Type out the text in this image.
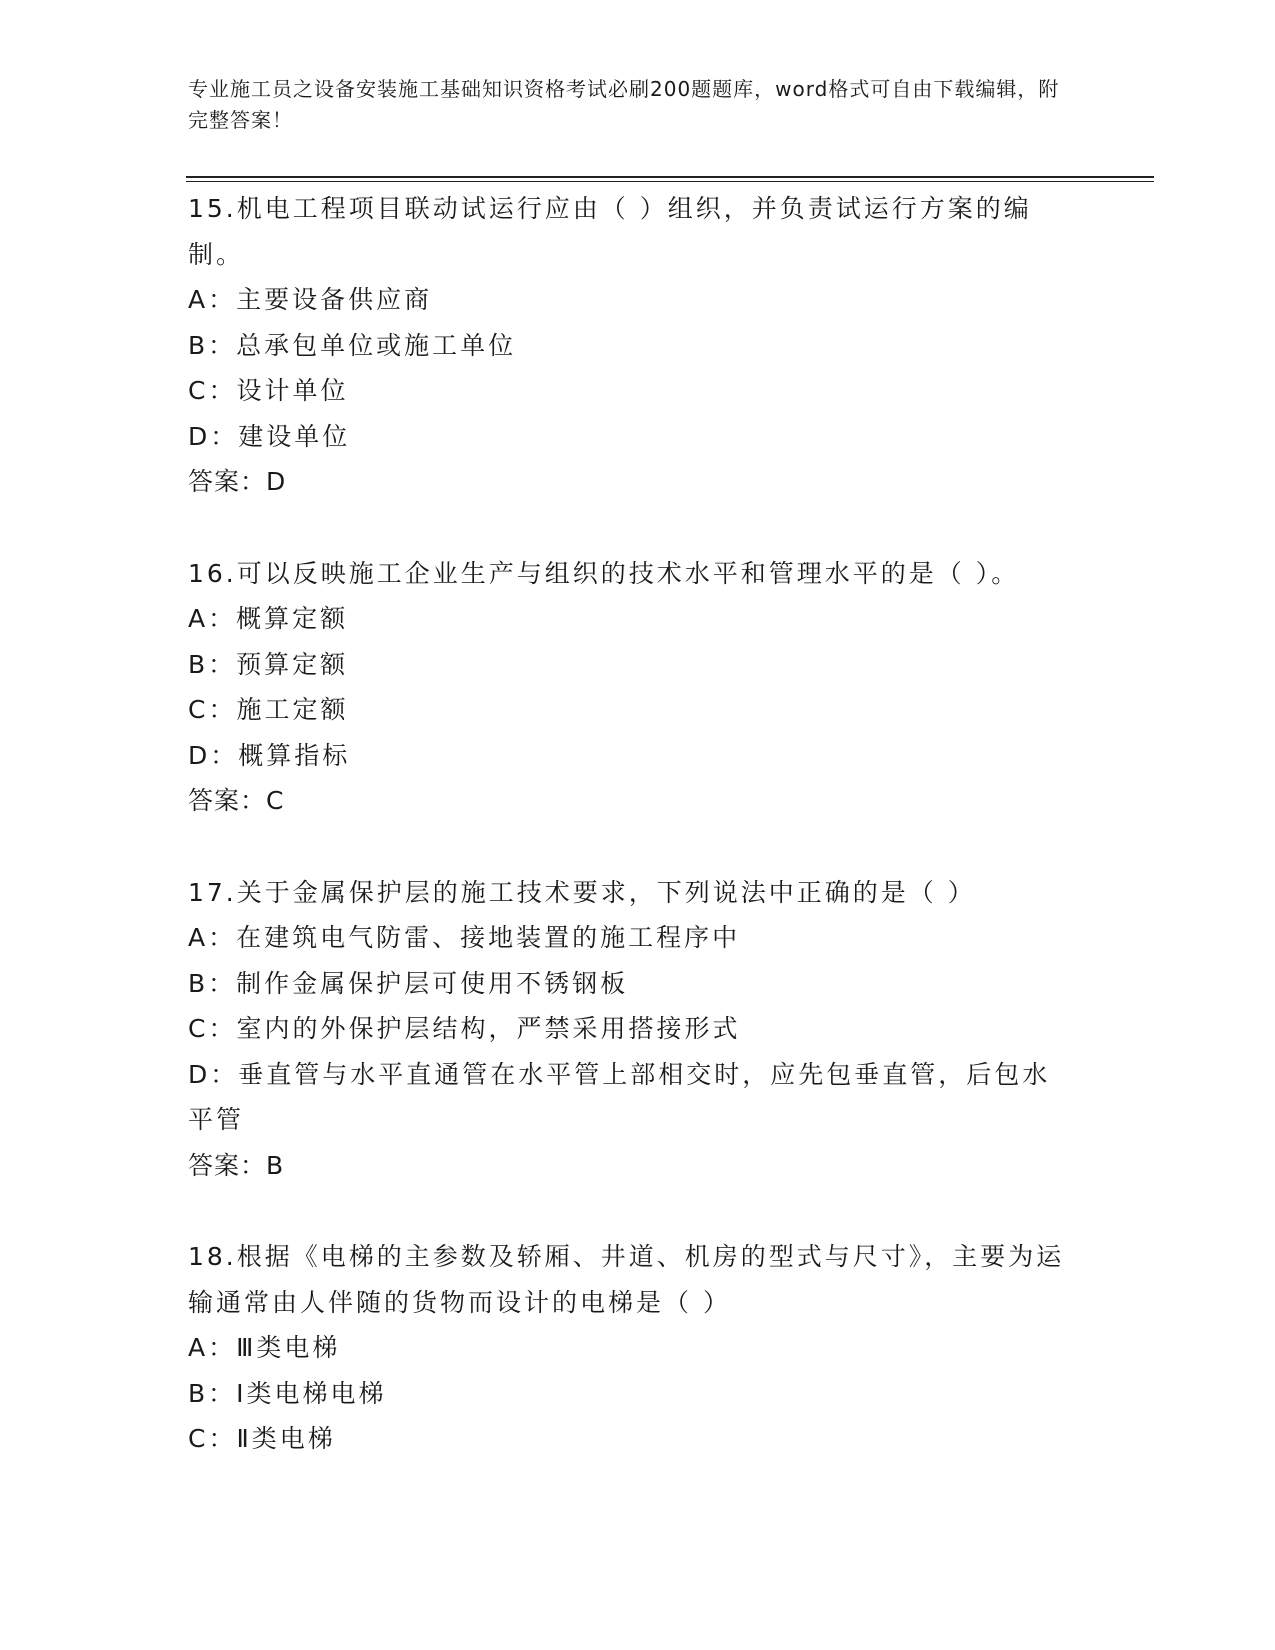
专业施工员之设备安装施工基础知识资格考试必刷200题题库，word格式可自由下载编辑，附完整答案！
15.机电工程项目联动试运行应由（ ）组织，并负责试运行方案的编制。
A：主要设备供应商
B：总承包单位或施工单位
C：设计单位
D：建设单位
答案：D
16.可以反映施工企业生产与组织的技术水平和管理水平的是（ ）。
A：概算定额
B：预算定额
C：施工定额
D：概算指标
答案：C
17.关于金属保护层的施工技术要求，下列说法中正确的是（ ）
A：在建筑电气防雷、接地装置的施工程序中
B：制作金属保护层可使用不锈钢板
C：室内的外保护层结构，严禁采用搭接形式
D：垂直管与水平直通管在水平管上部相交时，应先包垂直管，后包水平管
答案：B
18.根据《电梯的主参数及轿厢、井道、机房的型式与尺寸》，主要为运输通常由人伴随的货物而设计的电梯是（ ）
A：Ⅲ类电梯
B：Ⅰ类电梯电梯
C：Ⅱ类电梯
